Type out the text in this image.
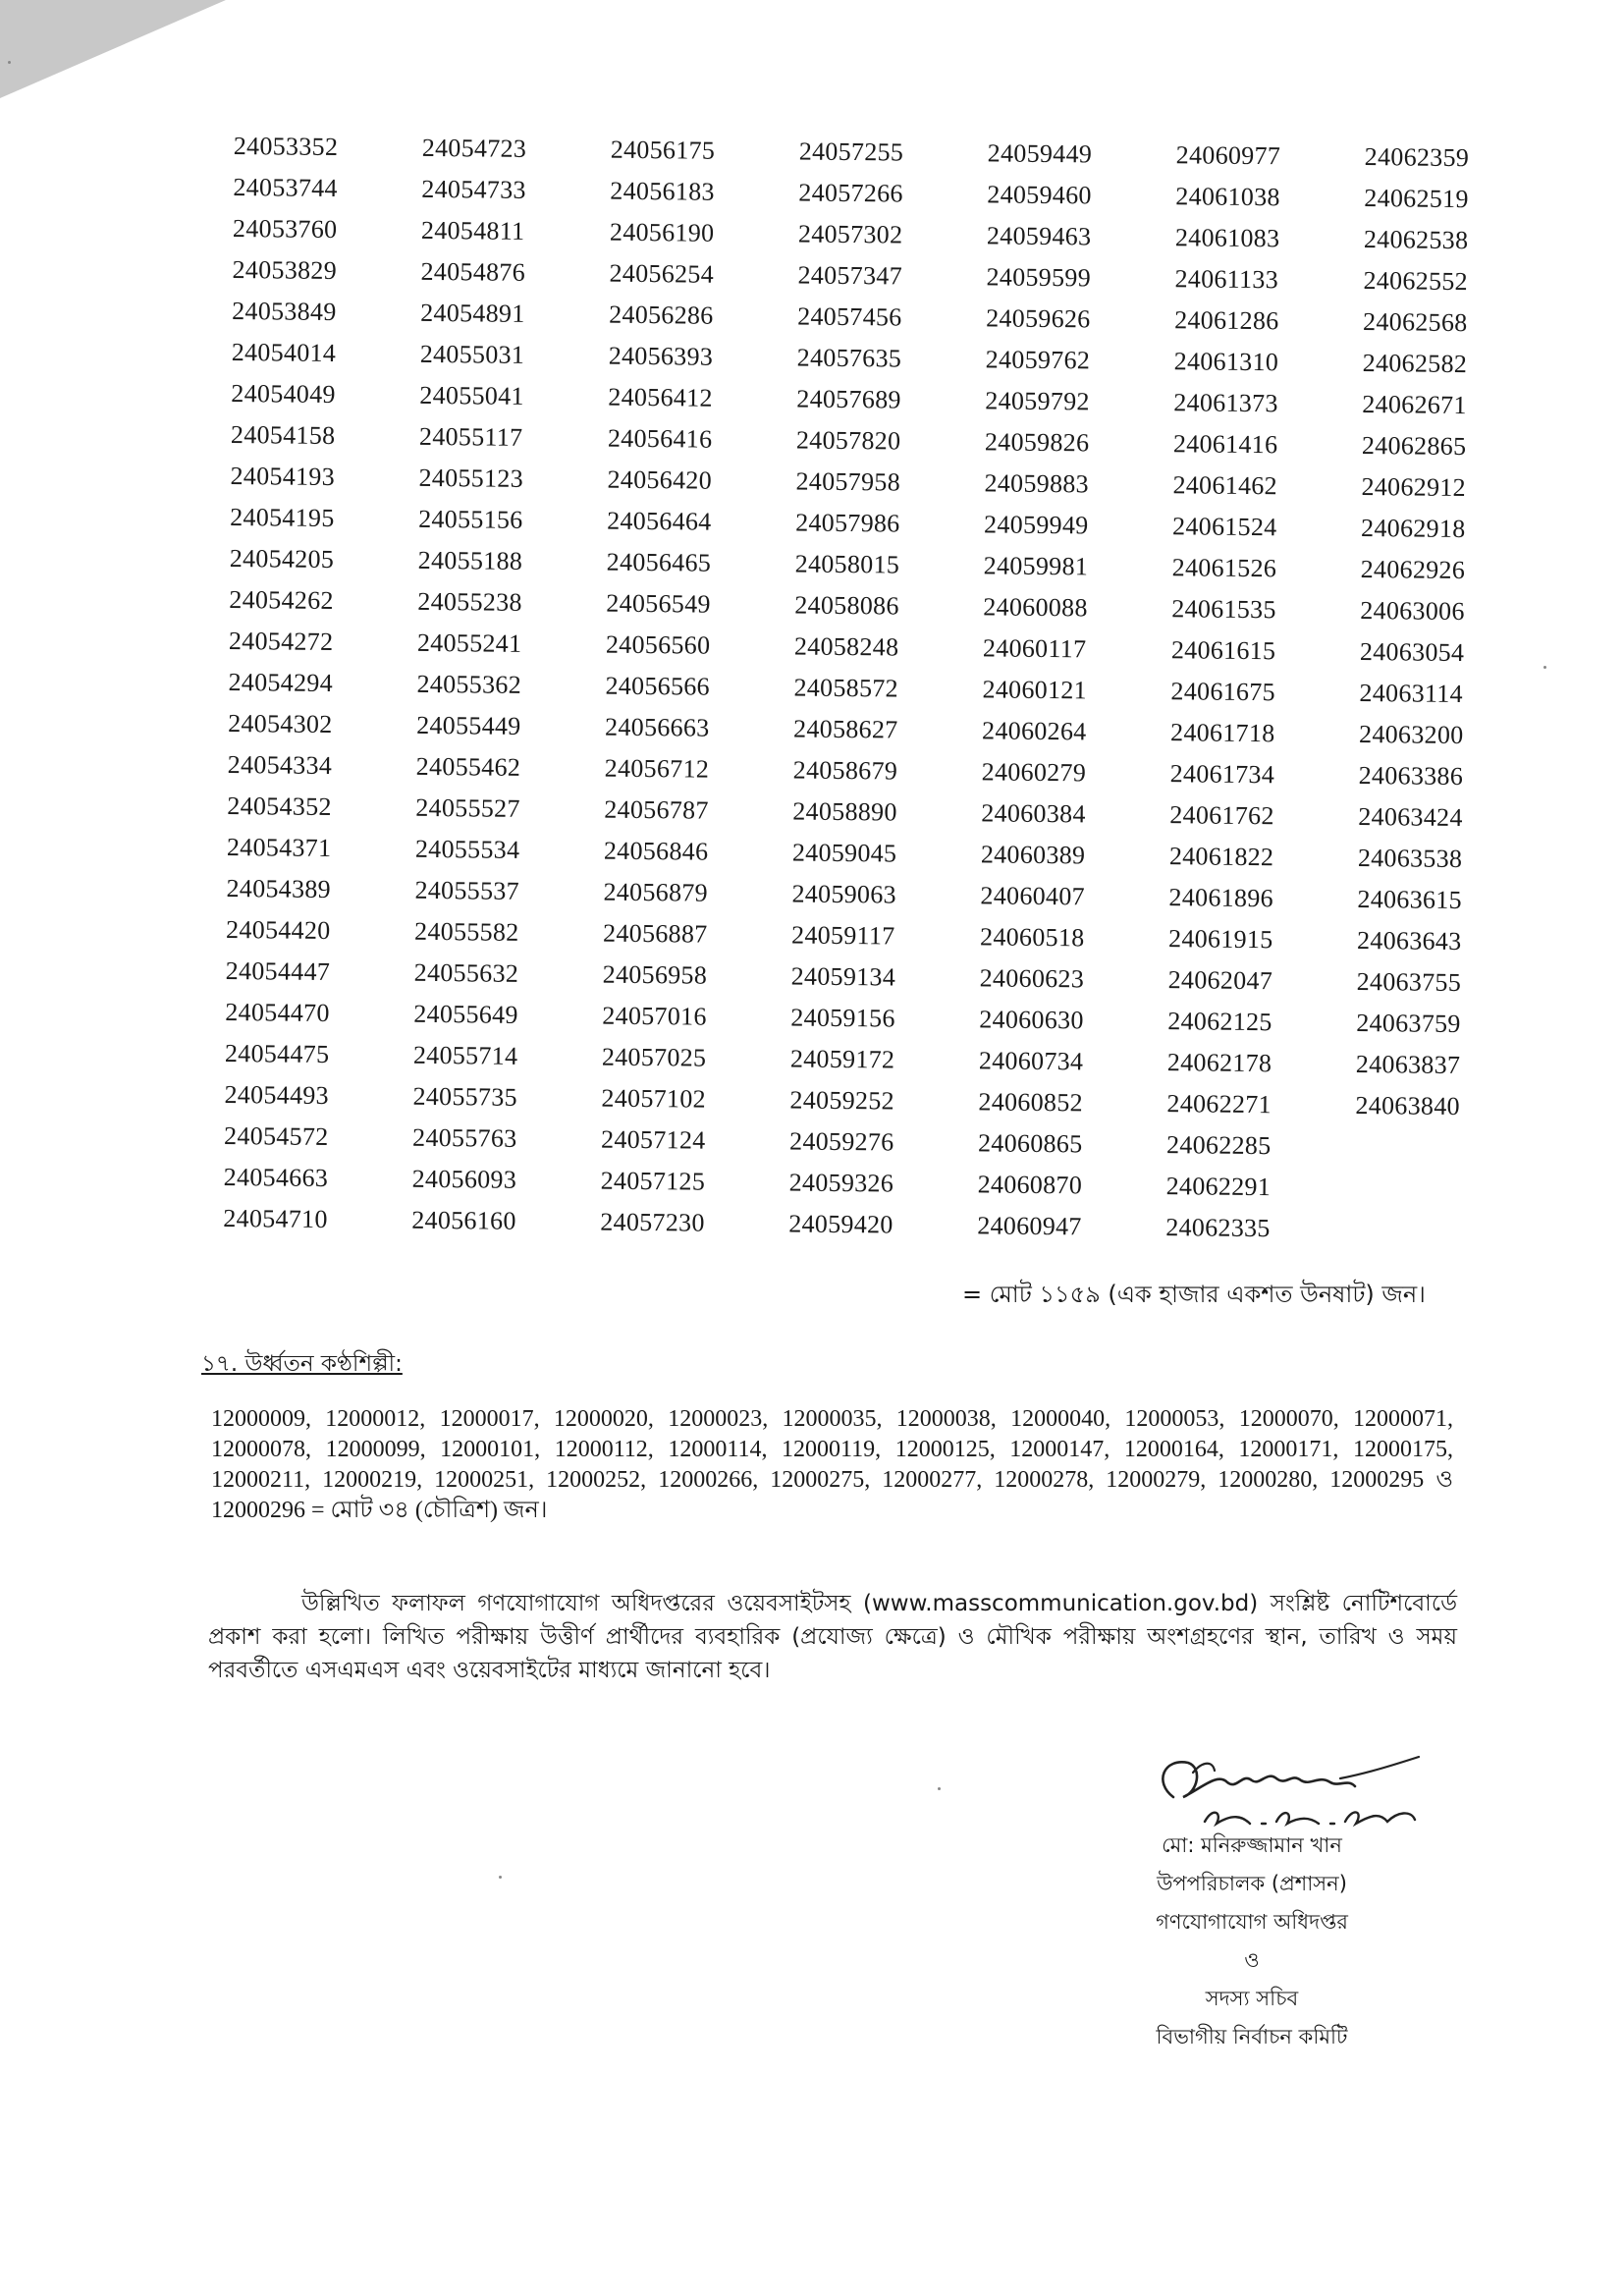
24053352
24053744
24053760
24053829
24053849
24054014
24054049
24054158
24054193
24054195
24054205
24054262
24054272
24054294
24054302
24054334
24054352
24054371
24054389
24054420
24054447
24054470
24054475
24054493
24054572
24054663
24054710
24054723
24054733
24054811
24054876
24054891
24055031
24055041
24055117
24055123
24055156
24055188
24055238
24055241
24055362
24055449
24055462
24055527
24055534
24055537
24055582
24055632
24055649
24055714
24055735
24055763
24056093
24056160
24056175
24056183
24056190
24056254
24056286
24056393
24056412
24056416
24056420
24056464
24056465
24056549
24056560
24056566
24056663
24056712
24056787
24056846
24056879
24056887
24056958
24057016
24057025
24057102
24057124
24057125
24057230
24057255
24057266
24057302
24057347
24057456
24057635
24057689
24057820
24057958
24057986
24058015
24058086
24058248
24058572
24058627
24058679
24058890
24059045
24059063
24059117
24059134
24059156
24059172
24059252
24059276
24059326
24059420
24059449
24059460
24059463
24059599
24059626
24059762
24059792
24059826
24059883
24059949
24059981
24060088
24060117
24060121
24060264
24060279
24060384
24060389
24060407
24060518
24060623
24060630
24060734
24060852
24060865
24060870
24060947
24060977
24061038
24061083
24061133
24061286
24061310
24061373
24061416
24061462
24061524
24061526
24061535
24061615
24061675
24061718
24061734
24061762
24061822
24061896
24061915
24062047
24062125
24062178
24062271
24062285
24062291
24062335
24062359
24062519
24062538
24062552
24062568
24062582
24062671
24062865
24062912
24062918
24062926
24063006
24063054
24063114
24063200
24063386
24063424
24063538
24063615
24063643
24063755
24063759
24063837
24063840
= মোট ১১৫৯ (এক হাজার একশত উনষাট) জন।
১৭. উর্ধ্বতন কণ্ঠশিল্পী:
12000009, 12000012, 12000017, 12000020, 12000023, 12000035, 12000038, 12000040, 12000053, 12000070, 12000071, 12000078, 12000099, 12000101, 12000112, 12000114, 12000119, 12000125, 12000147, 12000164, 12000171, 12000175, 12000211, 12000219, 12000251, 12000252, 12000266, 12000275, 12000277, 12000278, 12000279, 12000280, 12000295 ও 12000296 = মোট ৩৪ (চৌত্রিশ) জন।
উল্লিখিত ফলাফল গণযোগাযোগ অধিদপ্তরের ওয়েবসাইটসহ (www.masscommunication.gov.bd) সংশ্লিষ্ট নোটিশবোর্ডে প্রকাশ করা হলো। লিখিত পরীক্ষায় উত্তীর্ণ প্রার্থীদের ব্যবহারিক (প্রযোজ্য ক্ষেত্রে) ও মৌখিক পরীক্ষায় অংশগ্রহণের স্থান, তারিখ ও সময় পরবর্তীতে এসএমএস এবং ওয়েবসাইটের মাধ্যমে জানানো হবে।
মো: মনিরুজ্জামান খান
উপপরিচালক (প্রশাসন)
গণযোগাযোগ অধিদপ্তর
ও
সদস্য সচিব
বিভাগীয় নির্বাচন কমিটি
